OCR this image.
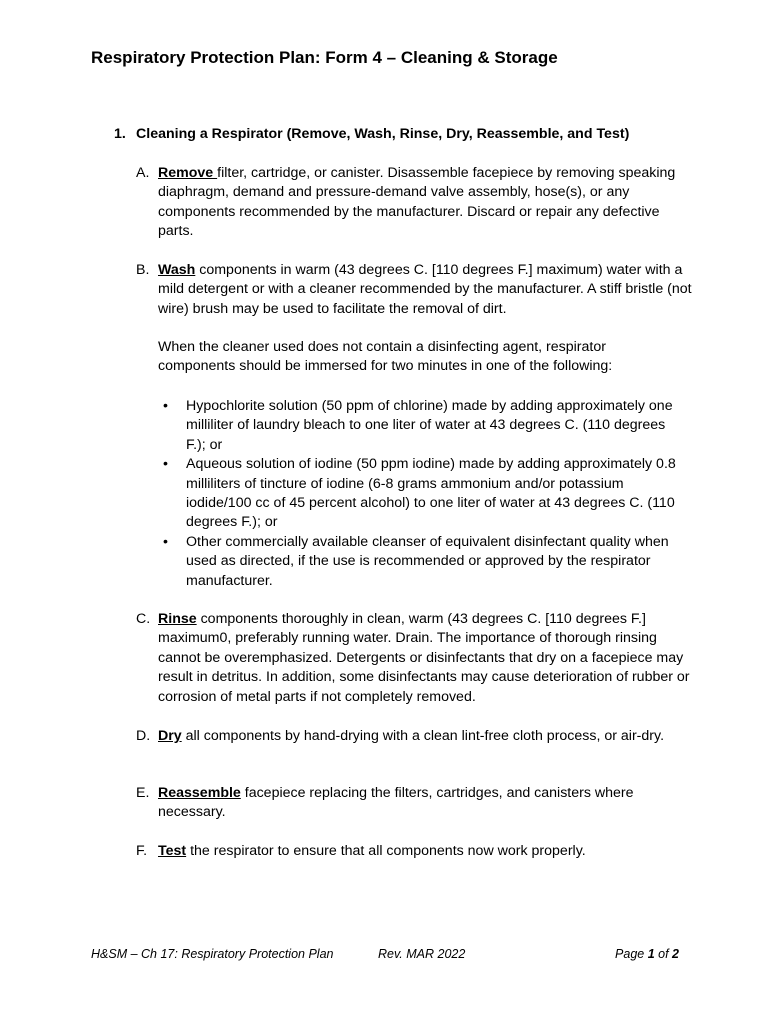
Respiratory Protection Plan: Form 4 – Cleaning & Storage
1. Cleaning a Respirator (Remove, Wash, Rinse, Dry, Reassemble, and Test)
A. Remove filter, cartridge, or canister. Disassemble facepiece by removing speaking diaphragm, demand and pressure-demand valve assembly, hose(s), or any components recommended by the manufacturer. Discard or repair any defective parts.
B. Wash components in warm (43 degrees C. [110 degrees F.] maximum) water with a mild detergent or with a cleaner recommended by the manufacturer. A stiff bristle (not wire) brush may be used to facilitate the removal of dirt.
When the cleaner used does not contain a disinfecting agent, respirator components should be immersed for two minutes in one of the following:
• Hypochlorite solution (50 ppm of chlorine) made by adding approximately one milliliter of laundry bleach to one liter of water at 43 degrees C. (110 degrees F.); or
• Aqueous solution of iodine (50 ppm iodine) made by adding approximately 0.8 milliliters of tincture of iodine (6-8 grams ammonium and/or potassium iodide/100 cc of 45 percent alcohol) to one liter of water at 43 degrees C. (110 degrees F.); or
• Other commercially available cleanser of equivalent disinfectant quality when used as directed, if the use is recommended or approved by the respirator manufacturer.
C. Rinse components thoroughly in clean, warm (43 degrees C. [110 degrees F.] maximum0, preferably running water. Drain. The importance of thorough rinsing cannot be overemphasized. Detergents or disinfectants that dry on a facepiece may result in detritus. In addition, some disinfectants may cause deterioration of rubber or corrosion of metal parts if not completely removed.
D. Dry all components by hand-drying with a clean lint-free cloth process, or air-dry.
E. Reassemble facepiece replacing the filters, cartridges, and canisters where necessary.
F. Test the respirator to ensure that all components now work properly.
H&SM – Ch 17: Respiratory Protection Plan	Rev. MAR 2022	Page 1 of 2
